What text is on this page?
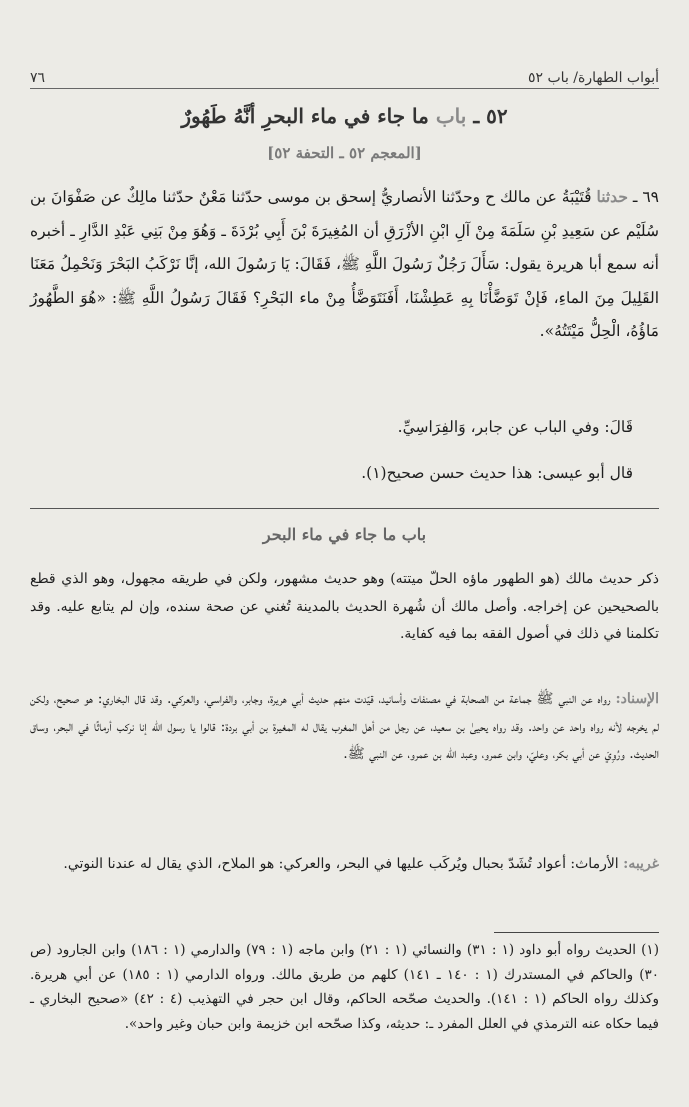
أبواب الطهارة/ باب ٥٢
٧٦
٥٢ ـ باب ما جاء في ماء البحرِ أنَّهُ طَهُورٌ
[المعجم ٥٢ ـ التحفة ٥٢]
٦٩ ـ حدثنا قُتَيْبَةُ عن مالك ح وحدّثنا الأنصاريُّ إسحق بن موسى حدّثنا مَعْنٌ حدّثنا مالِكٌ عن صَفْوَانَ بن سُلَيْم عن سَعِيدِ بْنِ سَلَمَةَ مِنْ آلِ ابْنِ الأزْرَقِ أن المُغِيرَةَ بْنَ أَبِي بُرْدَةَ ـ وَهُوَ مِنْ بَنِي عَبْدِ الدَّارِ ـ أخبره أنه سمع أبا هريرة يقول: سَأَلَ رَجُلٌ رَسُولَ اللَّهِ ﷺ، فَقَالَ: يَا رَسُولَ الله، إنَّا نَرْكَبُ البَحْرَ وَنَحْمِلُ مَعَنَا القَلِيلَ مِنَ الماءِ، فَإنْ تَوَضَّأْنَا بِهِ عَطِشْنَا، أَفَنَتَوَضَّأُ مِنْ ماء البَحْرِ؟ فَقَالَ رَسُولُ اللَّهِ ﷺ: «هُوَ الطَّهُورُ مَاؤُهُ، الْحِلُّ مَيْتَتُهُ».
قَالَ: وفي الباب عن جابر، وَالفِرَاسِيِّ.
قال أبو عيسى: هذا حديث حسن صحيح(١).
باب ما جاء في ماء البحر
ذكر حديث مالك (هو الطهور ماؤه الحلّ ميتته) وهو حديث مشهور، ولكن في طريقه مجهول، وهو الذي قطع بالصحيحين عن إخراجه. وأصل مالك أن شُهرة الحديث بالمدينة تُغني عن صحة سنده، وإن لم يتابع عليه. وقد تكلمنا في ذلك في أصول الفقه بما فيه كفاية.
الإسناد: رواه عن النبي ﷺ جماعة من الصحابة في مصنفات وأسانيد، قيّدت منهم حديث أبي هريرة، وجابر، والفراسي، والعركي. وقد قال البخاري: هو صحيح، ولكن لم يخرجه لأنه رواه واحد عن واحد. وقد رواه يحيىٰ بن سعيد، عن رجل من أهل المغرب يقال له المغيرة بن أبي بردة: قالوا يا رسول الله إنا نركب أرماثًا في البحر، وساق الحديث. ورُوِيَ عن أبي بكر، وعليّ، وابن عمرو، وعبد الله بن عمرو، عن النبي ﷺ.
غريبه: الأرماث: أعواد تُشَدّ بحبال ويُركَب عليها في البحر، والعركي: هو الملاح، الذي يقال له عندنا النوتي.
(١) الحديث رواه أبو داود (١ : ٣١) والنسائي (١ : ٢١) وابن ماجه (١ : ٧٩) والدارمي (١ : ١٨٦) وابن الجارود (ص ٣٠) والحاكم في المستدرك (١ : ١٤٠ ـ ١٤١) كلهم من طريق مالك. ورواه الدارمي (١ : ١٨٥) عن أبي هريرة. وكذلك رواه الحاكم (١ : ١٤١). والحديث صحّحه الحاكم، وقال ابن حجر في التهذيب (٤ : ٤٢) «صحيح البخاري ـ فيما حكاه عنه الترمذي في العلل المفرد ـ: حديثه، وكذا صحّحه ابن خزيمة وابن حبان وغير واحد».
